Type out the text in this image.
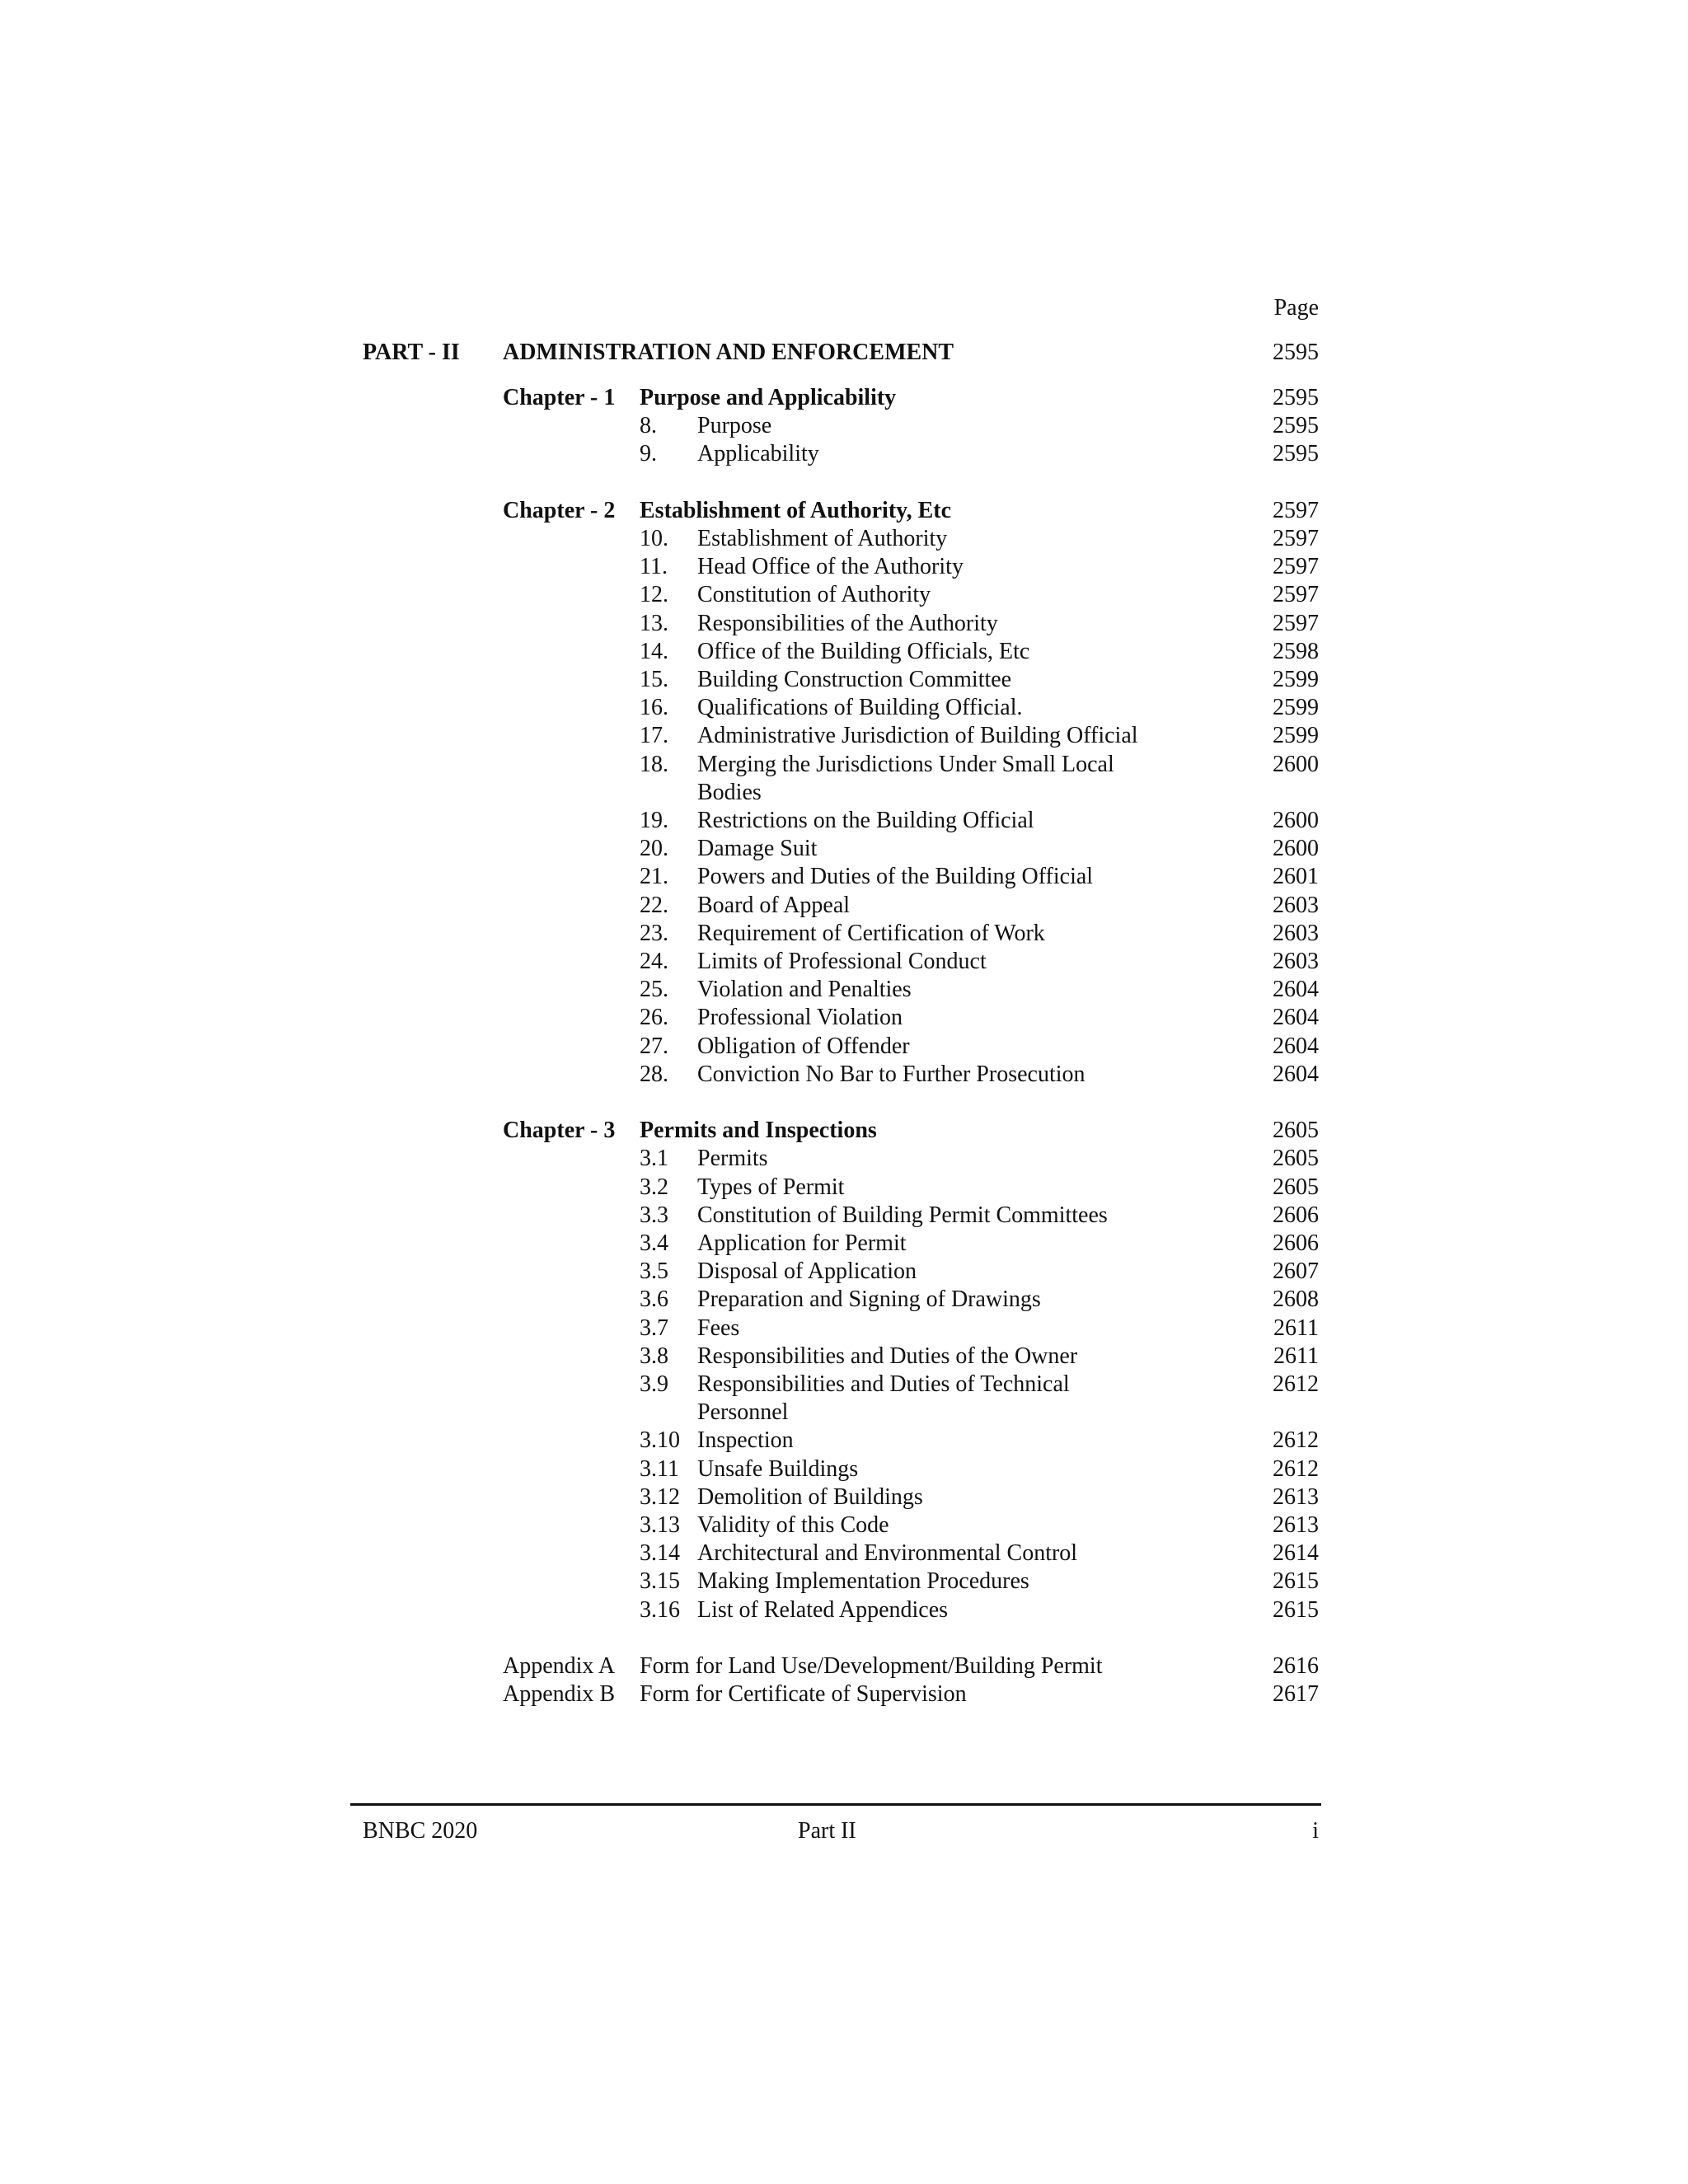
Page
PART - II ADMINISTRATION AND ENFORCEMENT	2595
Chapter - 1 Purpose and Applicability	2595
8. Purpose	2595
9. Applicability	2595
Chapter - 2 Establishment of Authority, Etc	2597
10. Establishment of Authority	2597
11. Head Office of the Authority	2597
12. Constitution of Authority	2597
13. Responsibilities of the Authority	2597
14. Office of the Building Officials, Etc	2598
15. Building Construction Committee	2599
16. Qualifications of Building Official.	2599
17. Administrative Jurisdiction of Building Official	2599
18. Merging the Jurisdictions Under Small Local	2600
Bodies
19. Restrictions on the Building Official	2600
20. Damage Suit	2600
21. Powers and Duties of the Building Official	2601
22. Board of Appeal	2603
23. Requirement of Certification of Work	2603
24. Limits of Professional Conduct	2603
25. Violation and Penalties	2604
26. Professional Violation	2604
27. Obligation of Offender	2604
28. Conviction No Bar to Further Prosecution	2604
Chapter - 3 Permits and Inspections	2605
3.1 Permits	2605
3.2 Types of Permit	2605
3.3 Constitution of Building Permit Committees	2606
3.4 Application for Permit	2606
3.5 Disposal of Application	2607
3.6 Preparation and Signing of Drawings	2608
3.7 Fees	2611
3.8 Responsibilities and Duties of the Owner	2611
3.9 Responsibilities and Duties of Technical	2612
Personnel
3.10 Inspection	2612
3.11 Unsafe Buildings	2612
3.12 Demolition of Buildings	2613
3.13 Validity of this Code	2613
3.14 Architectural and Environmental Control	2614
3.15 Making Implementation Procedures	2615
3.16 List of Related Appendices	2615
Appendix A Form for Land Use/Development/Building Permit	2616
Appendix B Form for Certificate of Supervision	2617
BNBC 2020	Part II	i
